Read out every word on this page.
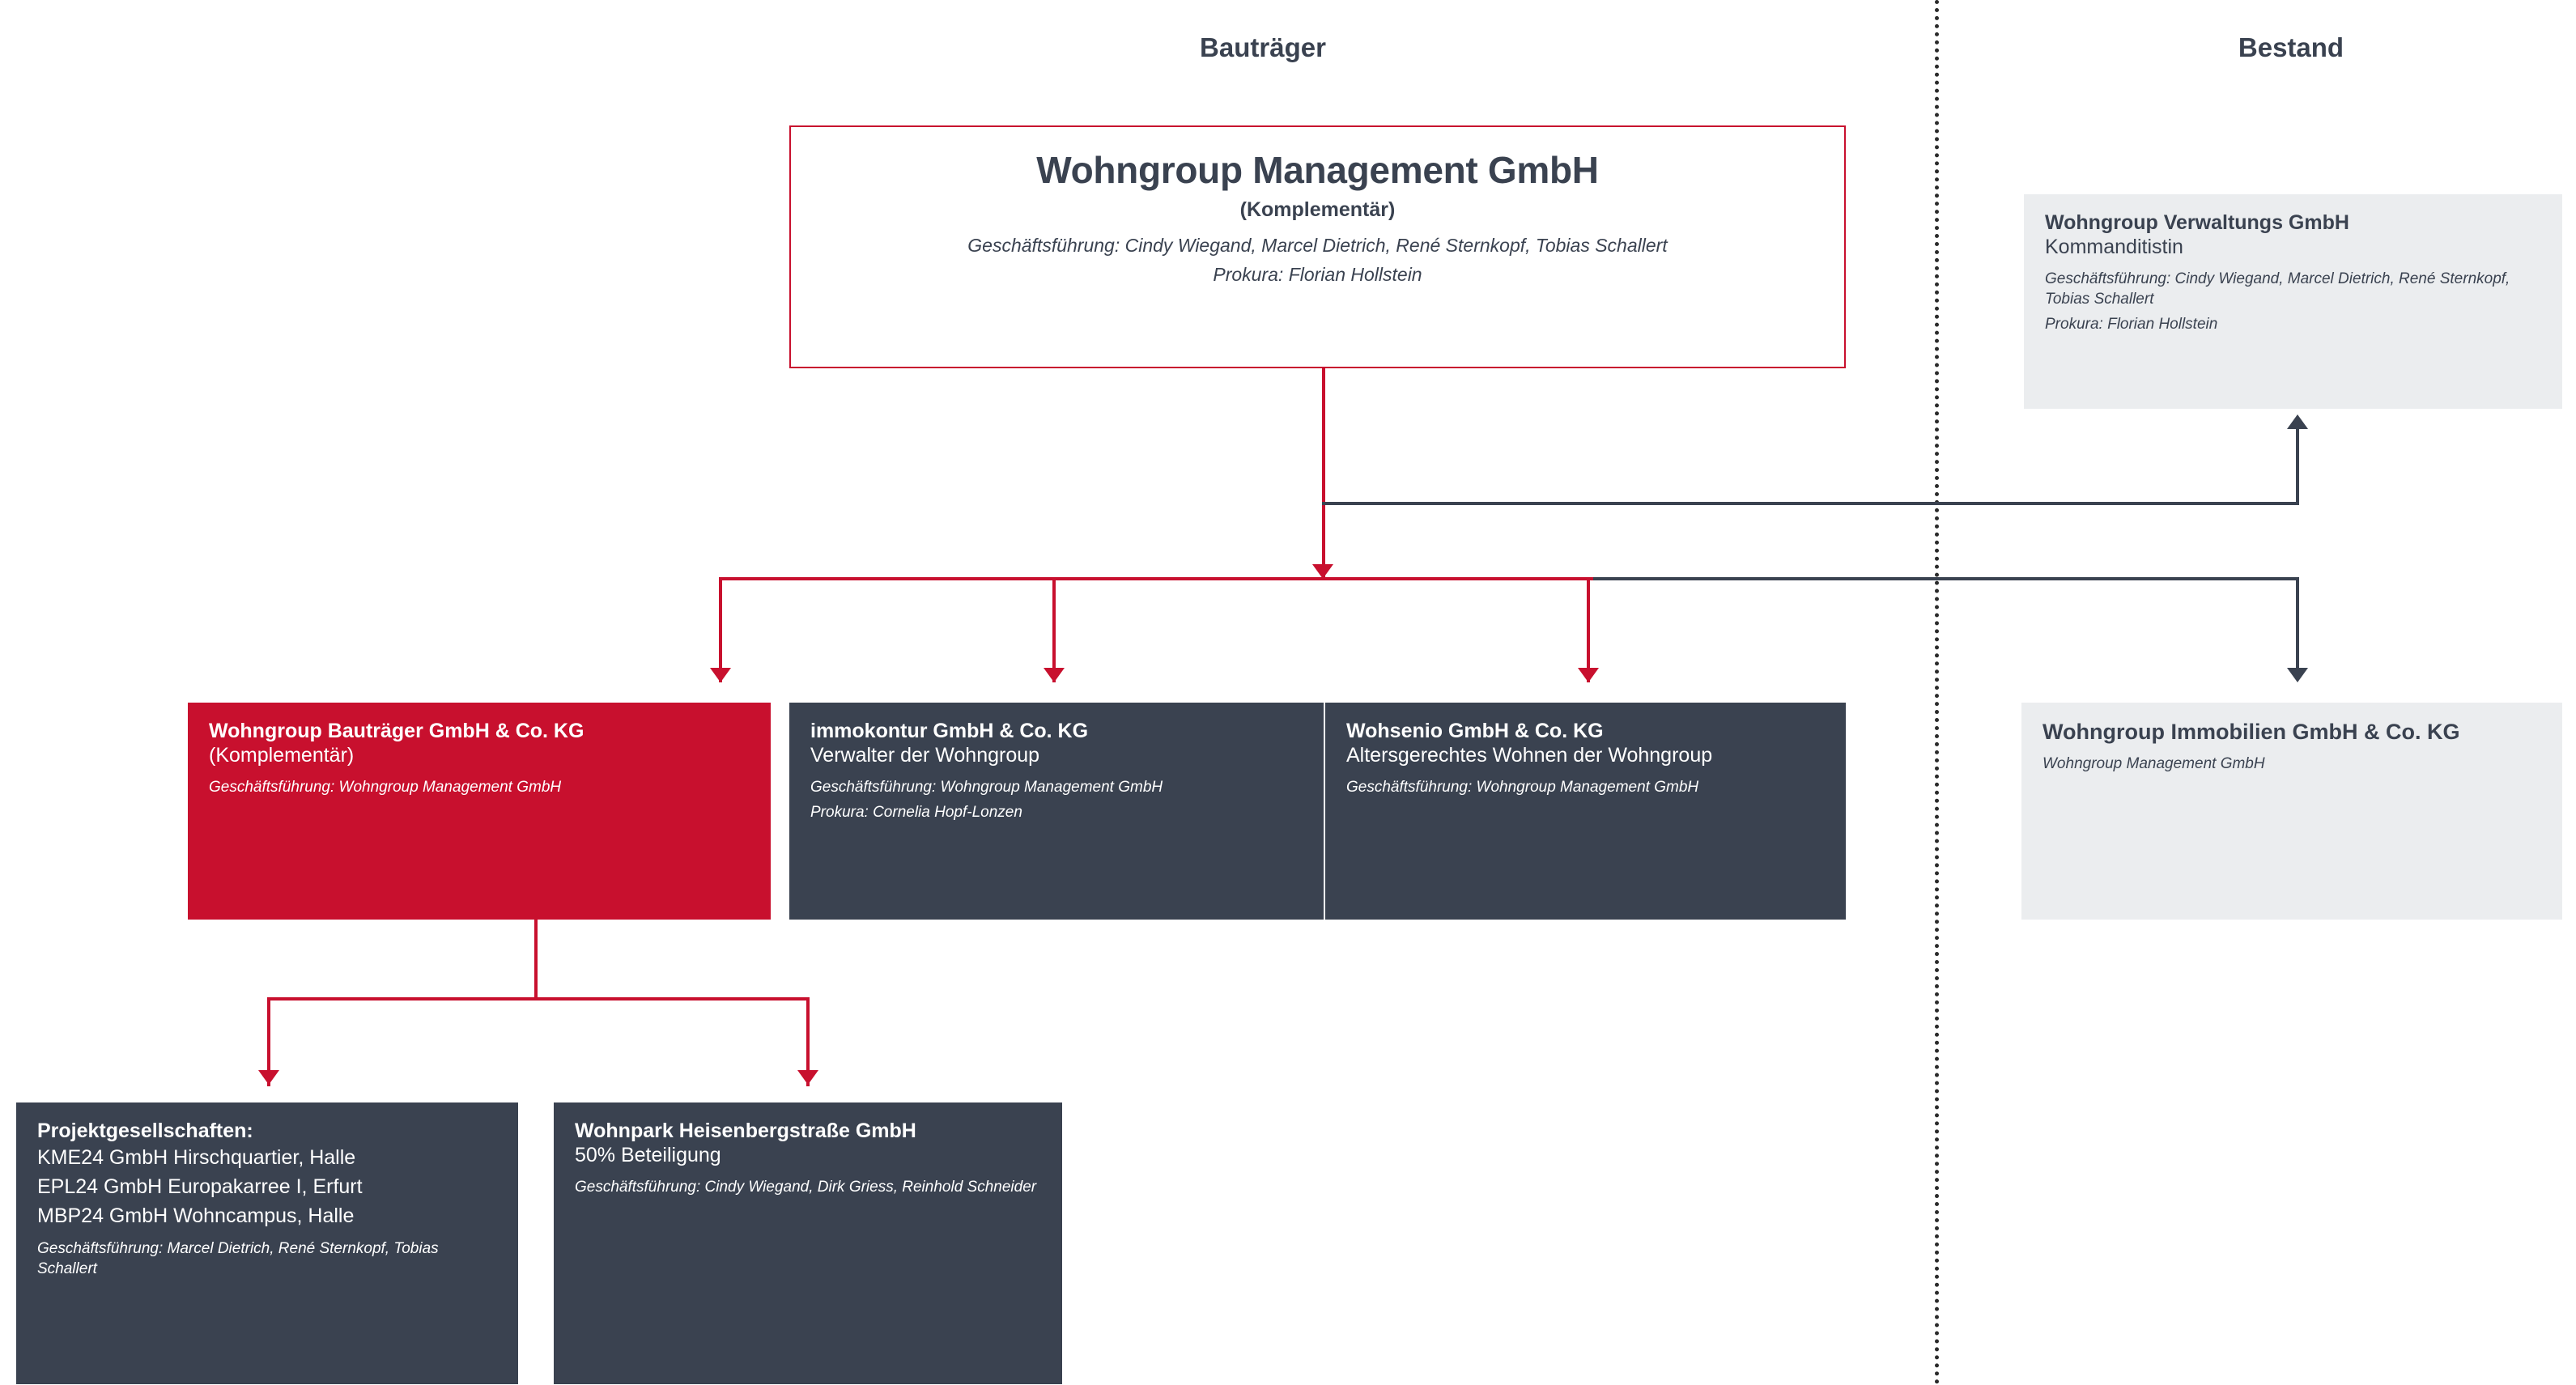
Bauträger	Bestand
Wohngroup Management GmbH
(Komplementär)
Geschäftsführung: Cindy Wiegand, Marcel Dietrich, René Sternkopf, Tobias Schallert
Prokura: Florian Hollstein
Wohngroup Verwaltungs GmbH
Kommanditistin
Geschäftsführung: Cindy Wiegand, Marcel Dietrich, René Sternkopf, Tobias Schallert
Prokura: Florian Hollstein
Wohngroup Bauträger GmbH & Co. KG
(Komplementär)
Geschäftsführung: Wohngroup Management GmbH
immokontur GmbH & Co. KG
Verwalter der Wohngroup
Geschäftsführung: Wohngroup Management GmbH
Prokura: Cornelia Hopf-Lonzen
Wohsenio GmbH & Co. KG
Altersgerechtes Wohnen der Wohngroup
Geschäftsführung: Wohngroup Management GmbH
Wohngroup Immobilien GmbH & Co. KG
Wohngroup Management GmbH
Projektgesellschaften:
KME24 GmbH Hirschquartier, Halle
EPL24 GmbH Europakarree I, Erfurt
MBP24 GmbH Wohncampus, Halle
Geschäftsführung: Marcel Dietrich, René Sternkopf, Tobias Schallert
Wohnpark Heisenbergstraße GmbH
50% Beteiligung
Geschäftsführung: Cindy Wiegand, Dirk Griess, Reinhold Schneider
